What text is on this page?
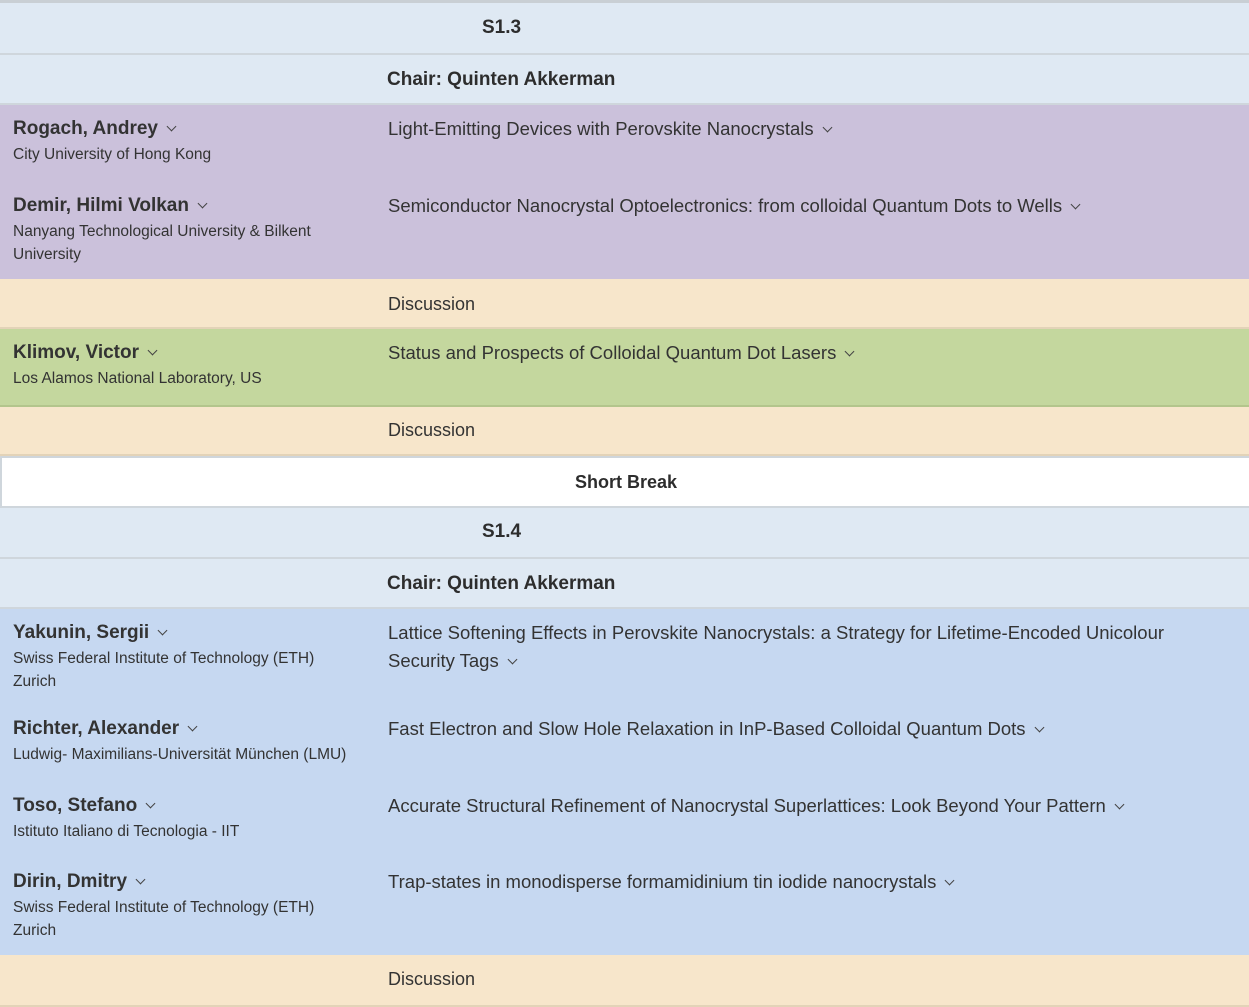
S1.3
Chair: Quinten Akkerman
Rogach, Andrey
City University of Hong Kong
Light-Emitting Devices with Perovskite Nanocrystals
Demir, Hilmi Volkan
Nanyang Technological University & Bilkent University
Semiconductor Nanocrystal Optoelectronics: from colloidal Quantum Dots to Wells
Discussion
Klimov, Victor
Los Alamos National Laboratory, US
Status and Prospects of Colloidal Quantum Dot Lasers
Discussion
Short Break
S1.4
Chair: Quinten Akkerman
Yakunin, Sergii
Swiss Federal Institute of Technology (ETH) Zurich
Lattice Softening Effects in Perovskite Nanocrystals: a Strategy for Lifetime-Encoded Unicolour Security Tags
Richter, Alexander
Ludwig- Maximilians-Universität München (LMU)
Fast Electron and Slow Hole Relaxation in InP-Based Colloidal Quantum Dots
Toso, Stefano
Istituto Italiano di Tecnologia - IIT
Accurate Structural Refinement of Nanocrystal Superlattices: Look Beyond Your Pattern
Dirin, Dmitry
Swiss Federal Institute of Technology (ETH) Zurich
Trap-states in monodisperse formamidinium tin iodide nanocrystals
Discussion
